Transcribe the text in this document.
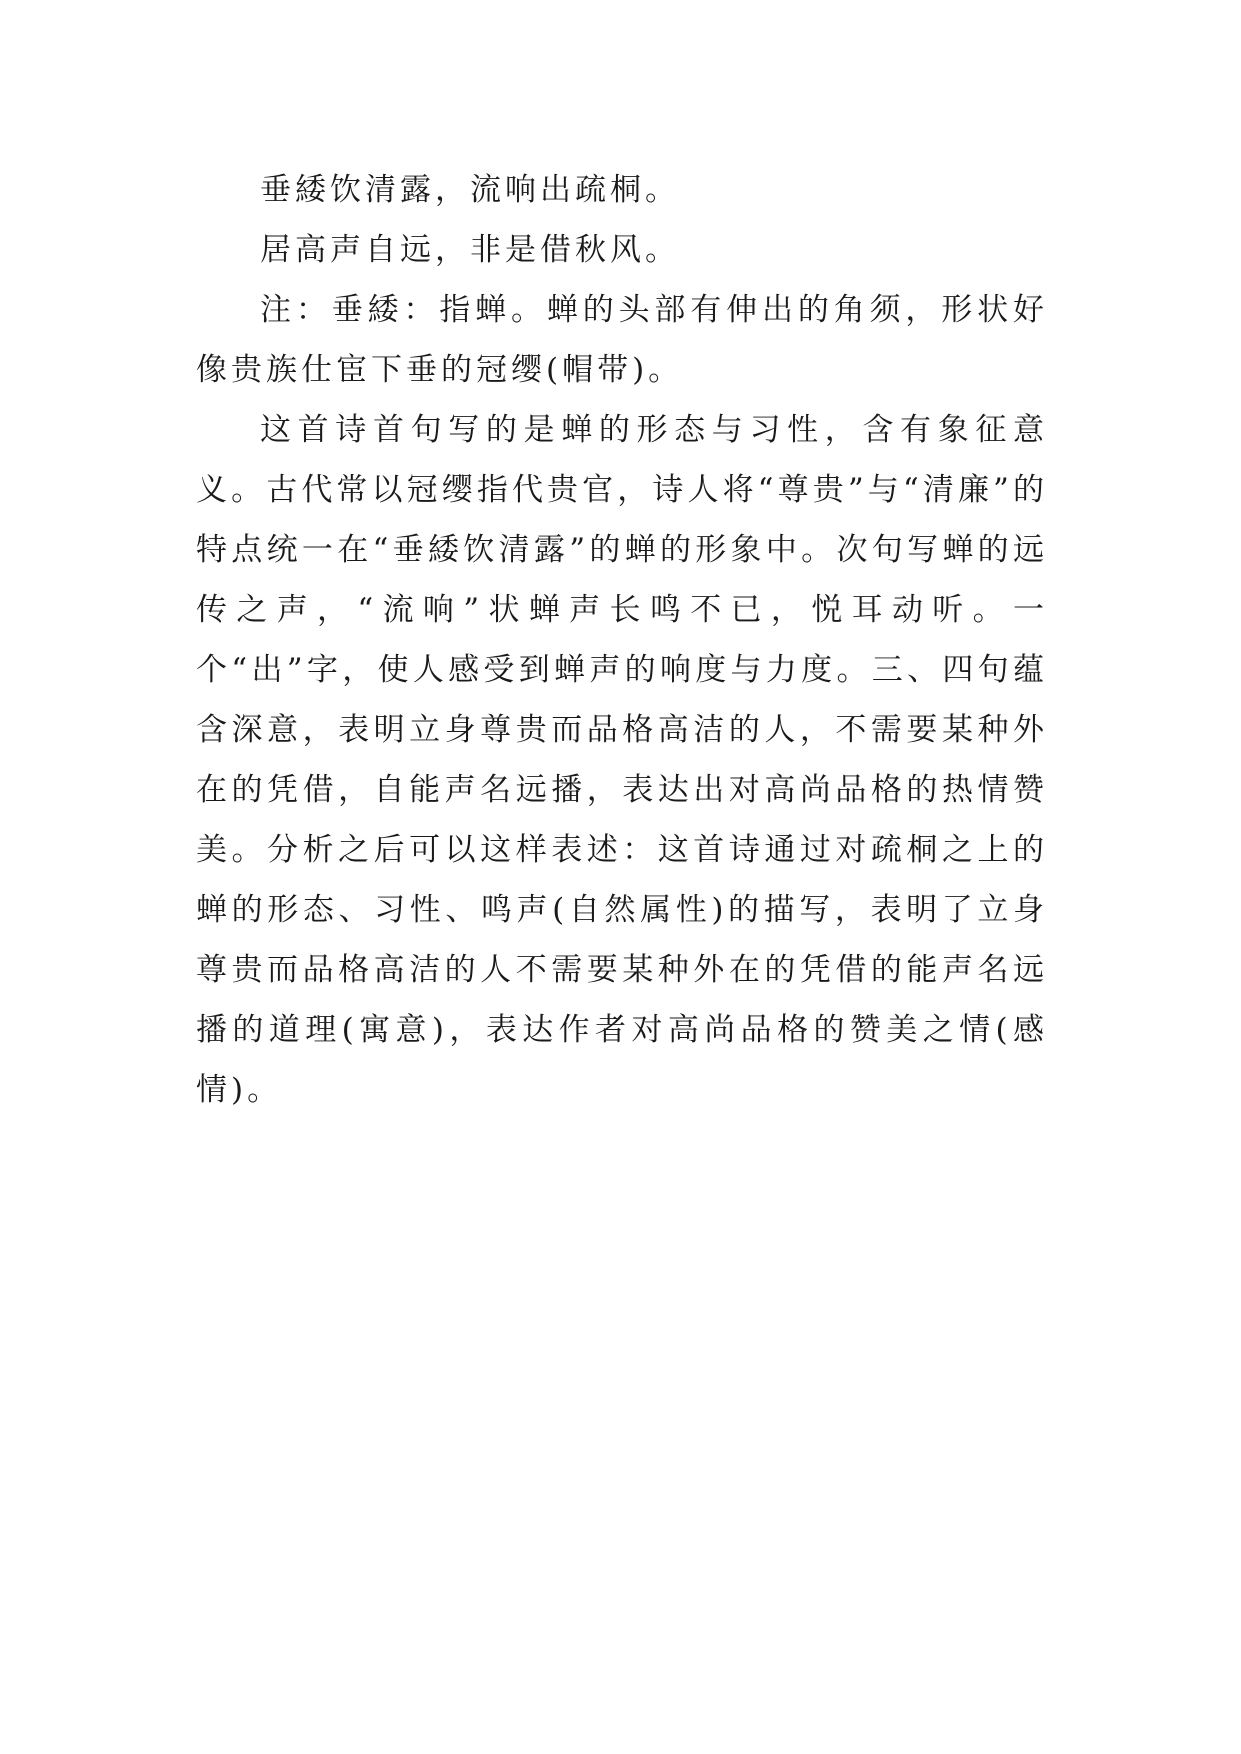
垂緌饮清露，流响出疏桐。

居高声自远，非是借秋风。

注：垂緌：指蝉。蝉的头部有伸出的角须，形状好像贵族仕宦下垂的冠缨(帽带)。

这首诗首句写的是蝉的形态与习性，含有象征意义。古代常以冠缨指代贵官，诗人将“尊贵”与“清廉”的特点统一在“垂緌饮清露”的蝉的形象中。次句写蝉的远传之声，“流响”状蝉声长鸣不已，悦耳动听。一个“出”字，使人感受到蝉声的响度与力度。三、四句蕴含深意，表明立身尊贵而品格高洁的人，不需要某种外在的凭借，自能声名远播，表达出对高尚品格的热情赞美。分析之后可以这样表述：这首诗通过对疏桐之上的蝉的形态、习性、鸣声(自然属性)的描写，表明了立身尊贵而品格高洁的人不需要某种外在的凭借的能声名远播的道理(寓意)，表达作者对高尚品格的赞美之情(感情)。
